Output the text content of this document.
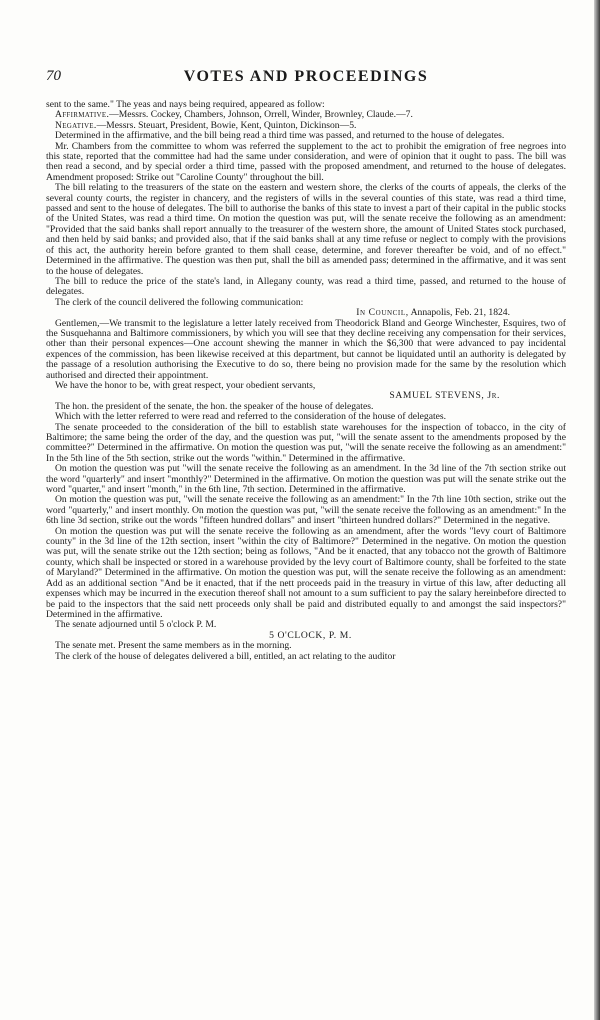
70	VOTES AND PROCEEDINGS

sent to the same." The yeas and nays being required, appeared as follow:

Affirmative.—Messrs. Cockey, Chambers, Johnson, Orrell, Winder, Brownley, Claude.—7.

Negative.—Messrs. Steuart, President, Bowie, Kent, Quinton, Dickinson—5.

Determined in the affirmative, and the bill being read a third time was passed, and returned to the house of delegates.

Mr. Chambers from the committee to whom was referred the supplement to the act to prohibit the emigration of free negroes into this state, reported that the committee had had the same under consideration, and were of opinion that it ought to pass. The bill was then read a second, and by special order a third time, passed with the proposed amendment, and returned to the house of delegates. Amendment proposed: Strike out "Caroline County" throughout the bill.

The bill relating to the treasurers of the state on the eastern and western shore, the clerks of the courts of appeals, the clerks of the several county courts, the register in chancery, and the registers of wills in the several counties of this state, was read a third time, passed and sent to the house of delegates. The bill to authorise the banks of this state to invest a part of their capital in the public stocks of the United States, was read a third time. On motion the question was put, will the senate receive the following as an amendment: "Provided that the said banks shall report annually to the treasurer of the western shore, the amount of United States stock purchased, and then held by said banks; and provided also, that if the said banks shall at any time refuse or neglect to comply with the provisions of this act, the authority herein before granted to them shall cease, determine, and forever thereafter be void, and of no effect." Determined in the affirmative. The question was then put, shall the bill as amended pass; determined in the affirmative, and it was sent to the house of delegates.

The bill to reduce the price of the state's land, in Allegany county, was read a third time, passed, and returned to the house of delegates.

The clerk of the council delivered the following communication:

In Council, Annapolis, Feb. 21, 1824.

Gentlemen,—We transmit to the legislature a letter lately received from Theodorick Bland and George Winchester, Esquires, two of the Susquehanna and Baltimore commissioners, by which you will see that they decline receiving any compensation for their services, other than their personal expences—One account shewing the manner in which the $6,300 that were advanced to pay incidental expences of the commission, has been likewise received at this department, but cannot be liquidated until an authority is delegated by the passage of a resolution authorising the Executive to do so, there being no provision made for the same by the resolution which authorised and directed their appointment.

We have the honor to be, with great respect, your obedient servants,

SAMUEL STEVENS, Jr.

The hon. the president of the senate, the hon. the speaker of the house of delegates.

Which with the letter referred to were read and referred to the consideration of the house of delegates.

The senate proceeded to the consideration of the bill to establish state warehouses for the inspection of tobacco, in the city of Baltimore; the same being the order of the day, and the question was put, "will the senate assent to the amendments proposed by the committee?" Determined in the affirmative. On motion the question was put, "will the senate receive the following as an amendment:" In the 5th line of the 5th section, strike out the words "within." Determined in the affirmative.

On motion the question was put "will the senate receive the following as an amendment. In the 3d line of the 7th section strike out the word "quarterly" and insert "monthly?" Determined in the affirmative. On motion the question was put will the senate strike out the word "quarter," and insert "month," in the 6th line, 7th section. Determined in the affirmative.

On motion the question was put, "will the senate receive the following as an amendment:" In the 7th line 10th section, strike out the word "quarterly," and insert monthly. On motion the question was put, "will the senate receive the following as an amendment:" In the 6th line 3d section, strike out the words "fifteen hundred dollars" and insert "thirteen hundred dollars?" Determined in the negative.

On motion the question was put will the senate receive the following as an amendment, after the words "levy court of Baltimore county" in the 3d line of the 12th section, insert "within the city of Baltimore?" Determined in the negative. On motion the question was put, will the senate strike out the 12th section; being as follows, "And be it enacted, that any tobacco not the growth of Baltimore county, which shall be inspected or stored in a warehouse provided by the levy court of Baltimore county, shall be forfeited to the state of Maryland?" Determined in the affirmative. On motion the question was put, will the senate receive the following as an amendment: Add as an additional section "And be it enacted, that if the nett proceeds paid in the treasury in virtue of this law, after deducting all expenses which may be incurred in the execution thereof shall not amount to a sum sufficient to pay the salary hereinbefore directed to be paid to the inspectors that the said nett proceeds only shall be paid and distributed equally to and amongst the said inspectors?" Determined in the affirmative.

The senate adjourned until 5 o'clock P. M.

5 O'CLOCK, P. M.

The senate met. Present the same members as in the morning.

The clerk of the house of delegates delivered a bill, entitled, an act relating to the auditor
